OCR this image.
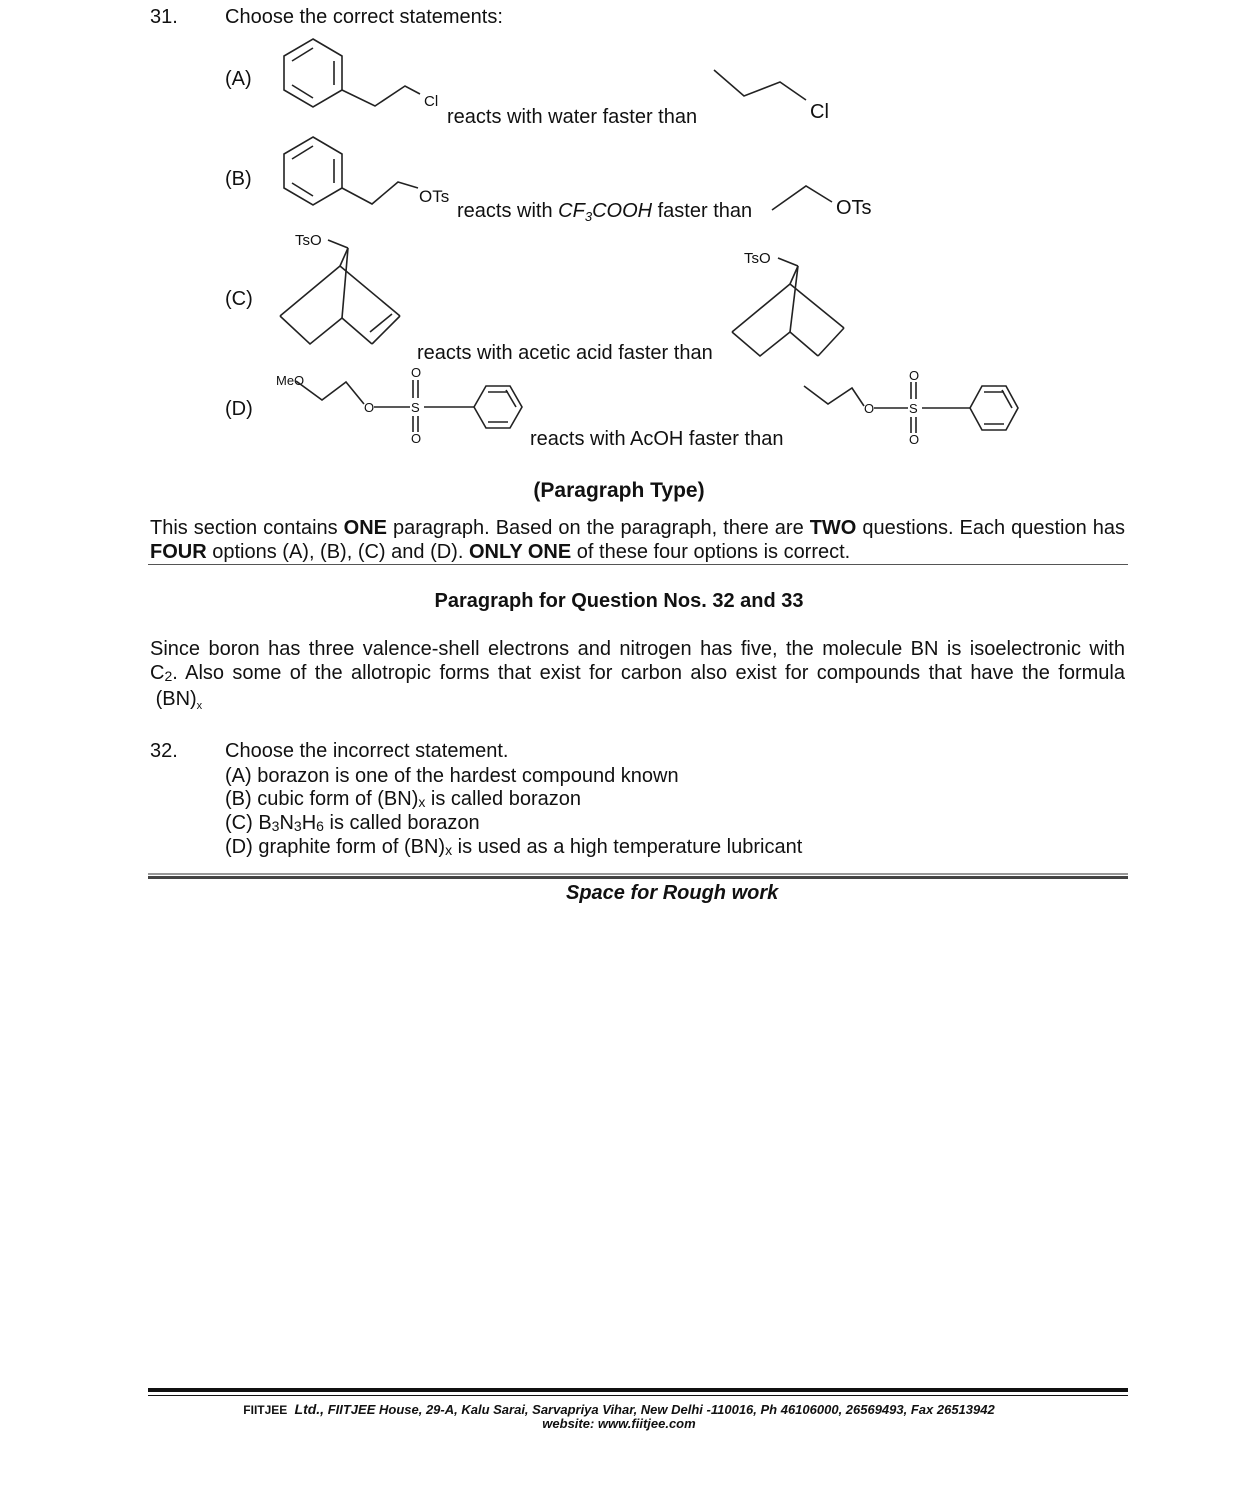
31. Choose the correct statements:
(A)
Cl
reacts with water faster than	Cl
(B)
OTs
reacts with $CF_3COOH$ faster than	OTs
(C)
TsO
reacts with acetic acid faster than
TsO
(D)
MeO
O	S
O
O	reacts with AcOH faster than
O	S
O
O
(Paragraph Type)
This section contains ONE paragraph. Based on the paragraph, there are TWO questions. Each question has FOUR options (A), (B), (C) and (D). ONLY ONE of these four options is correct.
Paragraph for Question Nos. 32 and 33
Since boron has three valence-shell electrons and nitrogen has five, the molecule BN is isoelectronic with
$C_2$. Also some of the allotropic forms that exist for carbon also exist for compounds that have the formula
$(BN)_x$
32. Choose the incorrect statement.
(A) borazon is one of the hardest compound known
(B) cubic form of $(BN)_x$ is called borazon
(C) $B_3N_3H_6$ is called borazon
(D) graphite form of $(BN)_x$ is used as a high temperature lubricant
Space for Rough work
FIITJEE Ltd., FIITJEE House, 29-A, Kalu Sarai, Sarvapriya Vihar, New Delhi -110016, Ph 46106000, 26569493, Fax 26513942
website: www.fiitjee.com
